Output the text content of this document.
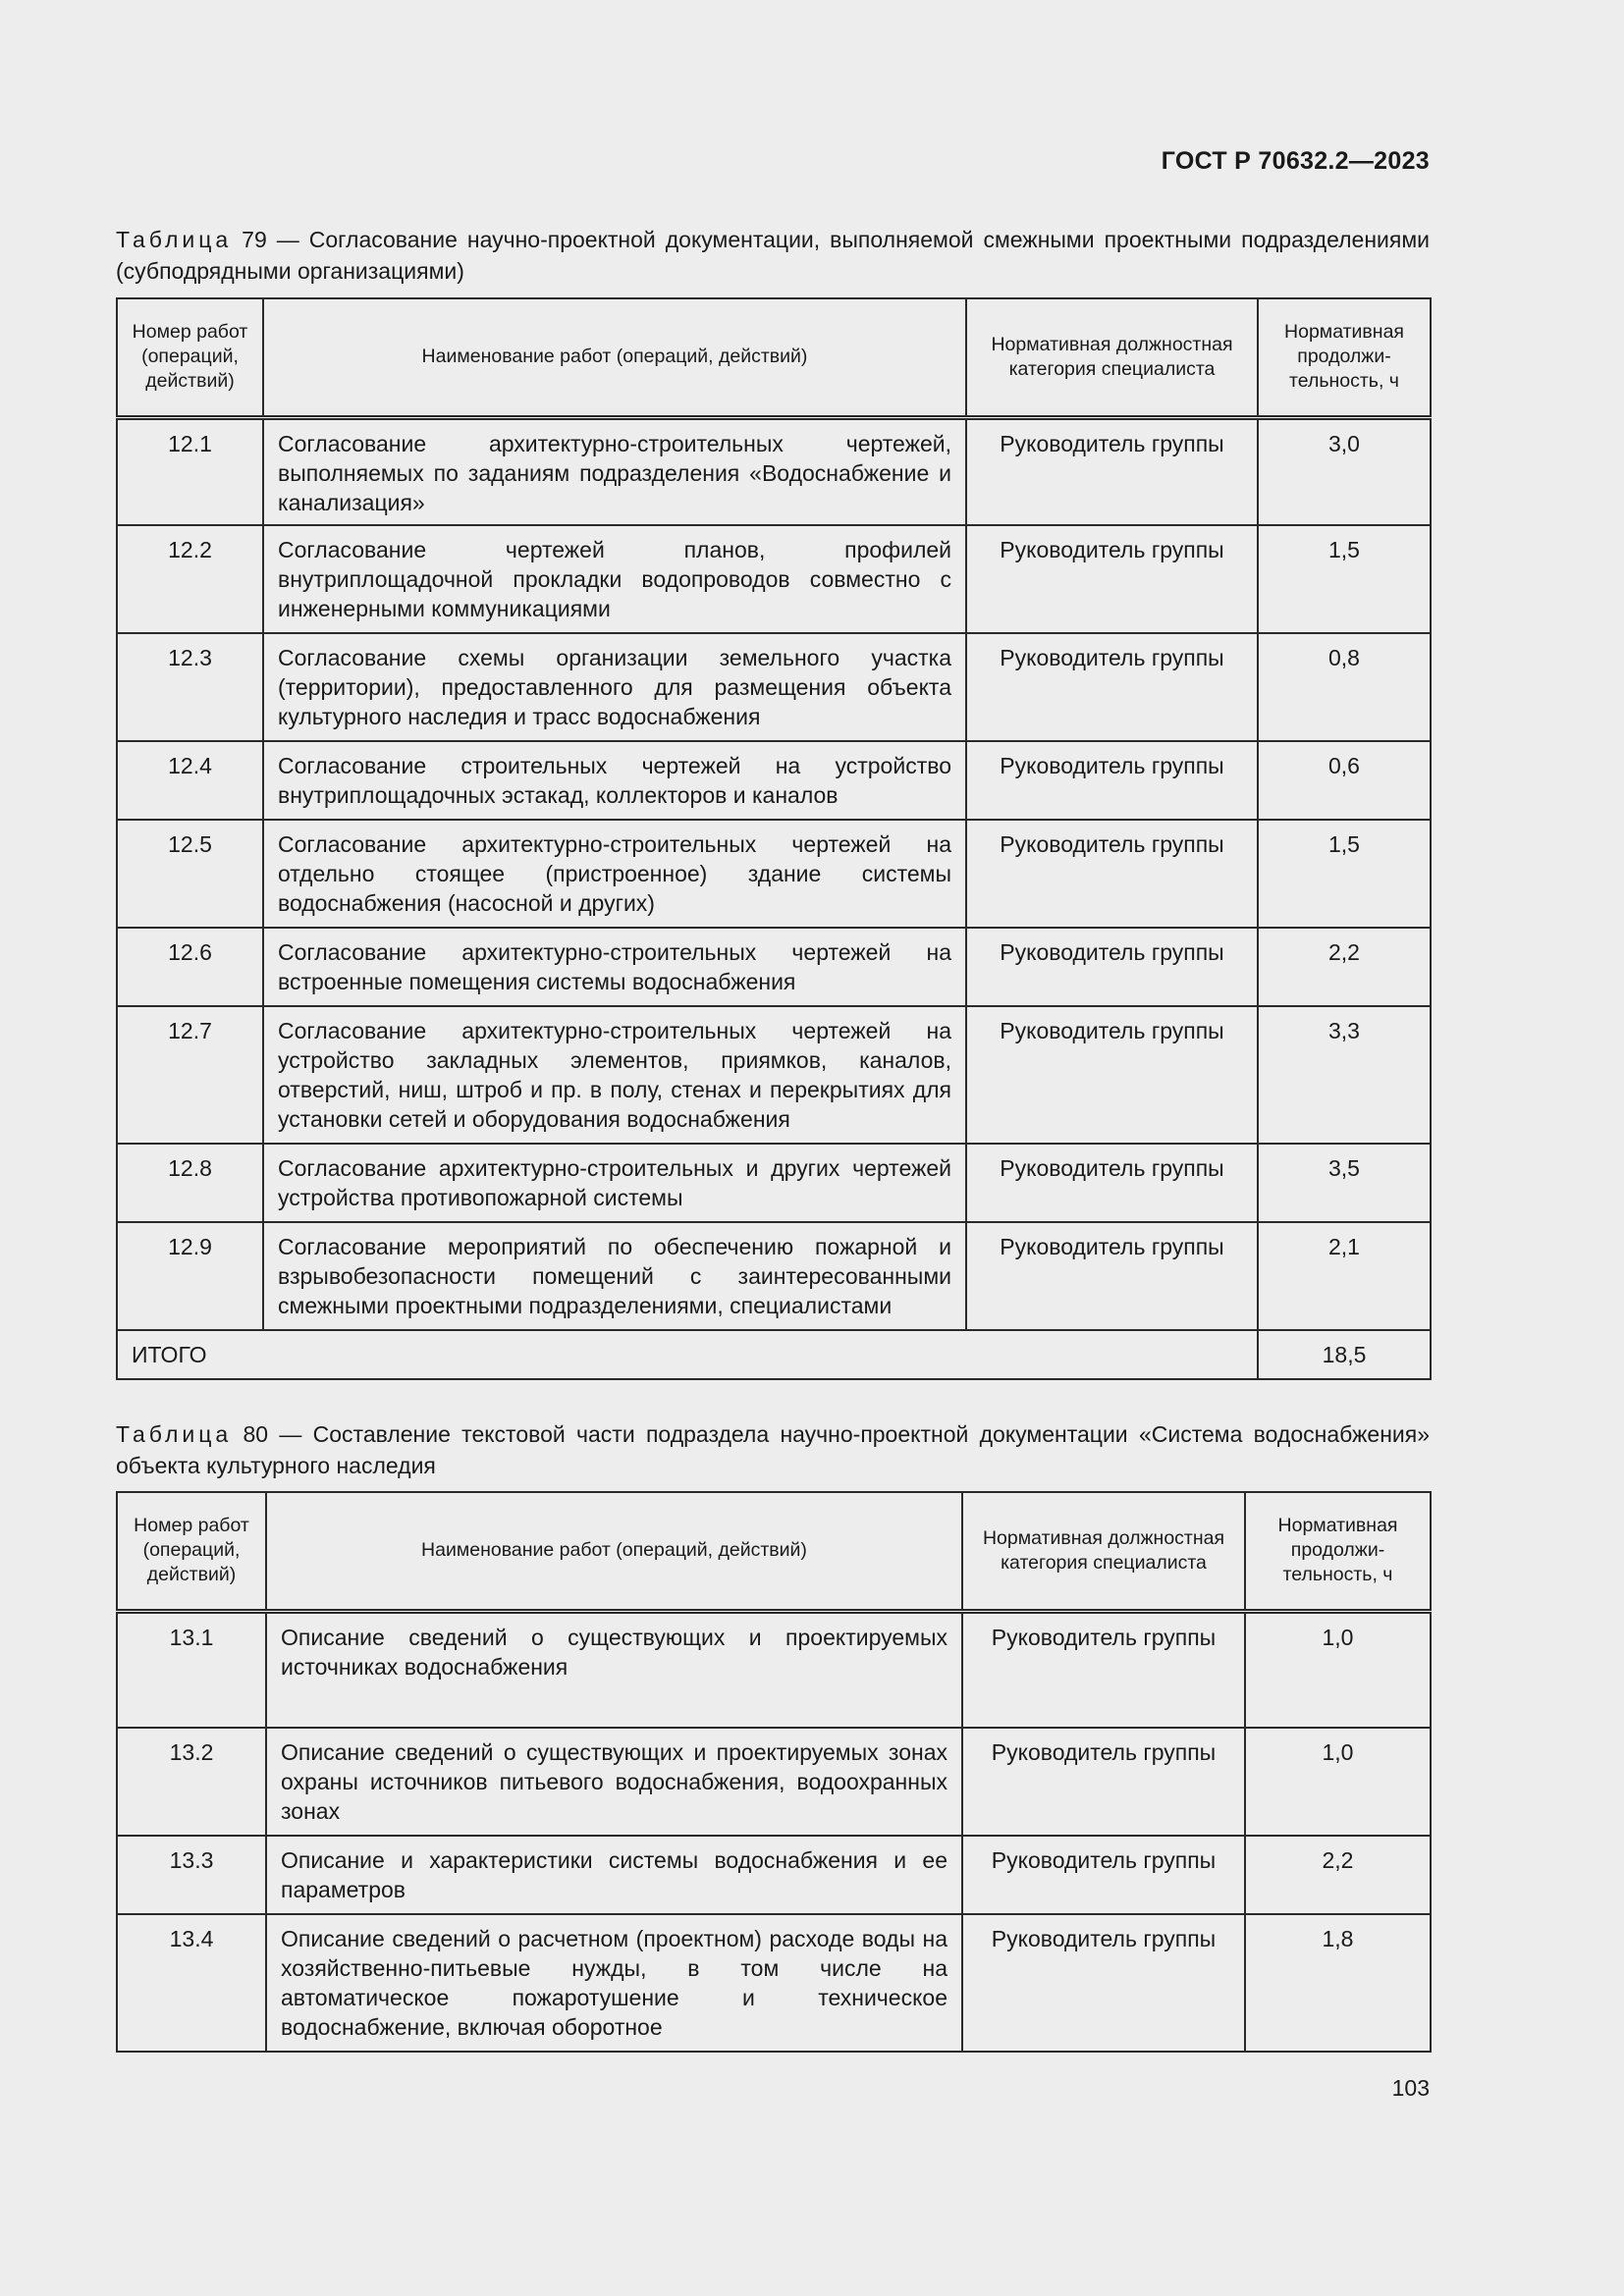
ГОСТ Р 70632.2—2023
Таблица 79 — Согласование научно-проектной документации, выполняемой смежными проектными подразделениями (субподрядными организациями)
Номер работ (операций, действий)	Наименование работ (операций, действий)	Нормативная должностная категория специалиста	Нормативная продолжи-тельность, ч
12.1	Согласование архитектурно-строительных чертежей, выполняемых по заданиям подразделения «Водоснабжение и канализация»	Руководитель группы	3,0
12.2	Согласование чертежей планов, профилей внутриплощадочной прокладки водопроводов совместно с инженерными коммуникациями	Руководитель группы	1,5
12.3	Согласование схемы организации земельного участка (территории), предоставленного для размещения объекта культурного наследия и трасс водоснабжения	Руководитель группы	0,8
12.4	Согласование строительных чертежей на устройство внутриплощадочных эстакад, коллекторов и каналов	Руководитель группы	0,6
12.5	Согласование архитектурно-строительных чертежей на отдельно стоящее (пристроенное) здание системы водоснабжения (насосной и других)	Руководитель группы	1,5
12.6	Согласование архитектурно-строительных чертежей на встроенные помещения системы водоснабжения	Руководитель группы	2,2
12.7	Согласование архитектурно-строительных чертежей на устройство закладных элементов, приямков, каналов, отверстий, ниш, штроб и пр. в полу, стенах и перекрытиях для установки сетей и оборудования водоснабжения	Руководитель группы	3,3
12.8	Согласование архитектурно-строительных и других чертежей устройства противопожарной системы	Руководитель группы	3,5
12.9	Согласование мероприятий по обеспечению пожарной и взрывобезопасности помещений с заинтересованными смежными проектными подразделениями, специалистами	Руководитель группы	2,1
ИТОГО			18,5
Таблица 80 — Составление текстовой части подраздела научно-проектной документации «Система водоснабжения» объекта культурного наследия
Номер работ (операций, действий)	Наименование работ (операций, действий)	Нормативная должностная категория специалиста	Нормативная продолжи-тельность, ч
13.1	Описание сведений о существующих и проектируемых источниках водоснабжения	Руководитель группы	1,0
13.2	Описание сведений о существующих и проектируемых зонах охраны источников питьевого водоснабжения, водоохранных зонах	Руководитель группы	1,0
13.3	Описание и характеристики системы водоснабжения и ее параметров	Руководитель группы	2,2
13.4	Описание сведений о расчетном (проектном) расходе воды на хозяйственно-питьевые нужды, в том числе на автоматическое пожаротушение и техническое водоснабжение, включая оборотное	Руководитель группы	1,8
103
